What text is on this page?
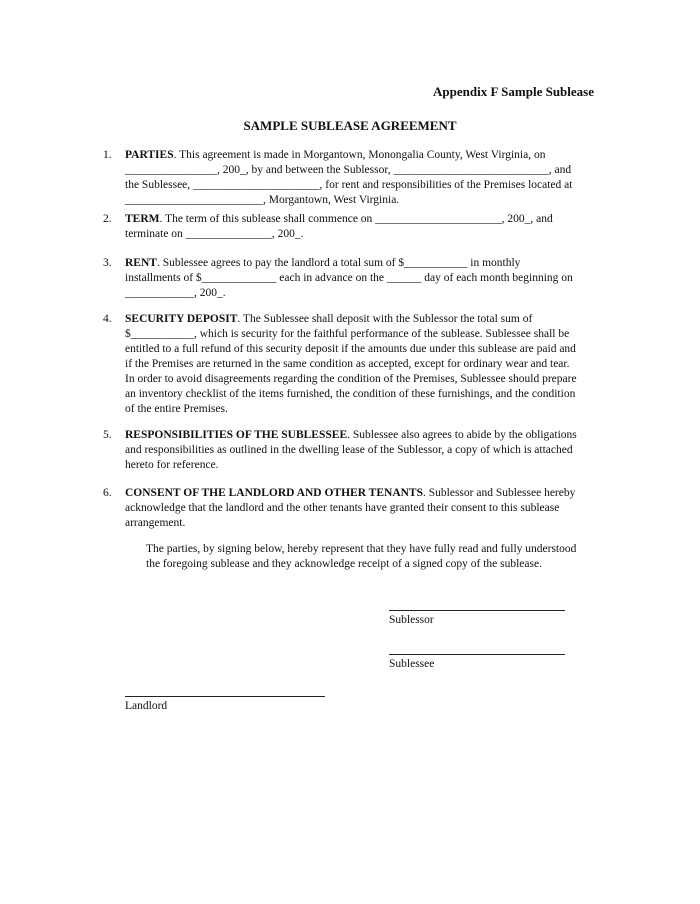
Appendix F Sample Sublease
SAMPLE SUBLEASE AGREEMENT
1. PARTIES. This agreement is made in Morgantown, Monongalia County, West Virginia, on ________________, 200_, by and between the Sublessor, ___________________________, and the Sublessee, ______________________, for rent and responsibilities of the Premises located at ________________________, Morgantown, West Virginia.
2. TERM. The term of this sublease shall commence on ______________________, 200_, and terminate on _______________, 200_.
3. RENT. Sublessee agrees to pay the landlord a total sum of $___________ in monthly installments of $_____________ each in advance on the ______ day of each month beginning on ____________, 200_.
4. SECURITY DEPOSIT. The Sublessee shall deposit with the Sublessor the total sum of $___________, which is security for the faithful performance of the sublease. Sublessee shall be entitled to a full refund of this security deposit if the amounts due under this sublease are paid and if the Premises are returned in the same condition as accepted, except for ordinary wear and tear. In order to avoid disagreements regarding the condition of the Premises, Sublessee should prepare an inventory checklist of the items furnished, the condition of these furnishings, and the condition of the entire Premises.
5. RESPONSIBILITIES OF THE SUBLESSEE. Sublessee also agrees to abide by the obligations and responsibilities as outlined in the dwelling lease of the Sublessor, a copy of which is attached hereto for reference.
6. CONSENT OF THE LANDLORD AND OTHER TENANTS. Sublessor and Sublessee hereby acknowledge that the landlord and the other tenants have granted their consent to this sublease arrangement.
The parties, by signing below, hereby represent that they have fully read and fully understood the foregoing sublease and they acknowledge receipt of a signed copy of the sublease.
Sublessor
Sublessee
Landlord
